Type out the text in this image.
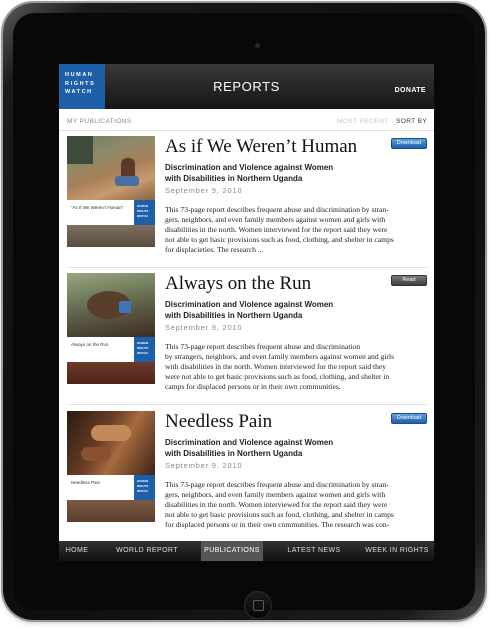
HUMAN
RIGHTS
WATCH	REPORTS	DONATE
MY PUBLICATIONS	MOST RECENT SORT BY
“As If We Weren’t Human”	HUMAN
RIGHTS
WATCH
As if We Weren’t Human
Discrimination and Violence against Women
with Disabilities in Northern Uganda
September 9, 2010
This 73-page report describes frequent abuse and discrimination by stran-
gers, neighbors, and even family members against women and girls with
disabilities in the north. Women interviewed for the report said they were
not able to get basic provisions such as food, clothing, and shelter in camps
for displacieties. The research ...
Download
Always on the Run	HUMAN
RIGHTS
WATCH
Always on the Run
Discrimination and Violence against Women
with Disabilities in Northern Uganda
September 9, 2010
This 73-page report describes frequent abuse and discrimination
by strangers, neighbors, and even family members against women and girls
with disabilities in the north. Women interviewed for the report said they
were not able to get basic provisions such as food, clothing, and shelter in
camps for displaced persons or in their own communities.
Read
Needless Pain	HUMAN
RIGHTS
WATCH
Needless Pain
Discrimination and Violence against Women
with Disabilities in Northern Uganda
September 9, 2010
This 73-page report describes frequent abuse and discrimination by stran-
gers, neighbors, and even family members against women and girls with
disabilities in the north. Women interviewed for the report said they were
not able to get basic provisions such as food, clothing, and shelter in camps
for displaced persons or in their own communities. The research was con-
Download
HOME	WORLD REPORT	PUBLICATIONS	LATEST NEWS	WEEK IN RIGHTS
